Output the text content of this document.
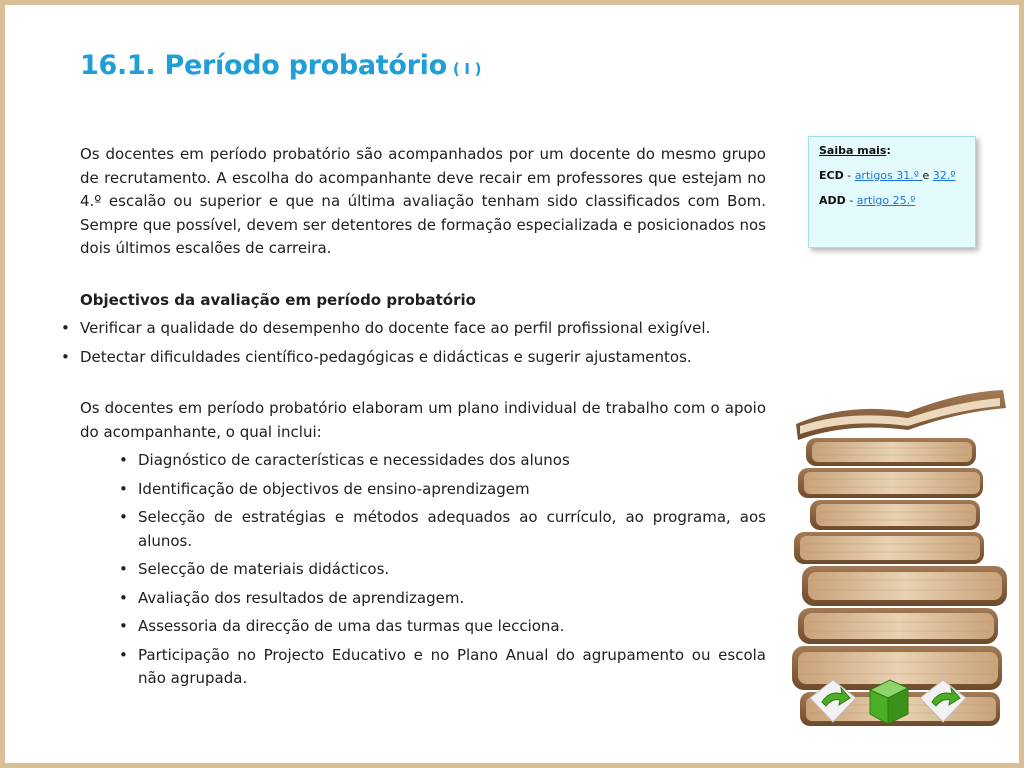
16.1. Período probatório ( I )

Os docentes em período probatório são acompanhados por um docente do mesmo grupo de recrutamento. A escolha do acompanhante deve recair em professores que estejam no 4.º escalão ou superior e que na última avaliação tenham sido classificados com Bom. Sempre que possível, devem ser detentores de formação especializada e posicionados nos dois últimos escalões de carreira.

Objectivos da avaliação em período probatório
• Verificar a qualidade do desempenho do docente face ao perfil profissional exigível.
• Detectar dificuldades científico-pedagógicas e didácticas e sugerir ajustamentos.

Os docentes em período probatório elaboram um plano individual de trabalho com o apoio do acompanhante, o qual inclui:

• Diagnóstico de características e necessidades dos alunos
• Identificação de objectivos de ensino-aprendizagem
• Selecção de estratégias e métodos adequados ao currículo, ao programa, aos alunos.
• Selecção de materiais didácticos.
• Avaliação dos resultados de aprendizagem.
• Assessoria da direcção de uma das turmas que lecciona.
• Participação no Projecto Educativo e no Plano Anual do agrupamento ou escola não agrupada.
Saiba mais:
ECD - artigos 31.º e 32.º
ADD - artigo 25.º
